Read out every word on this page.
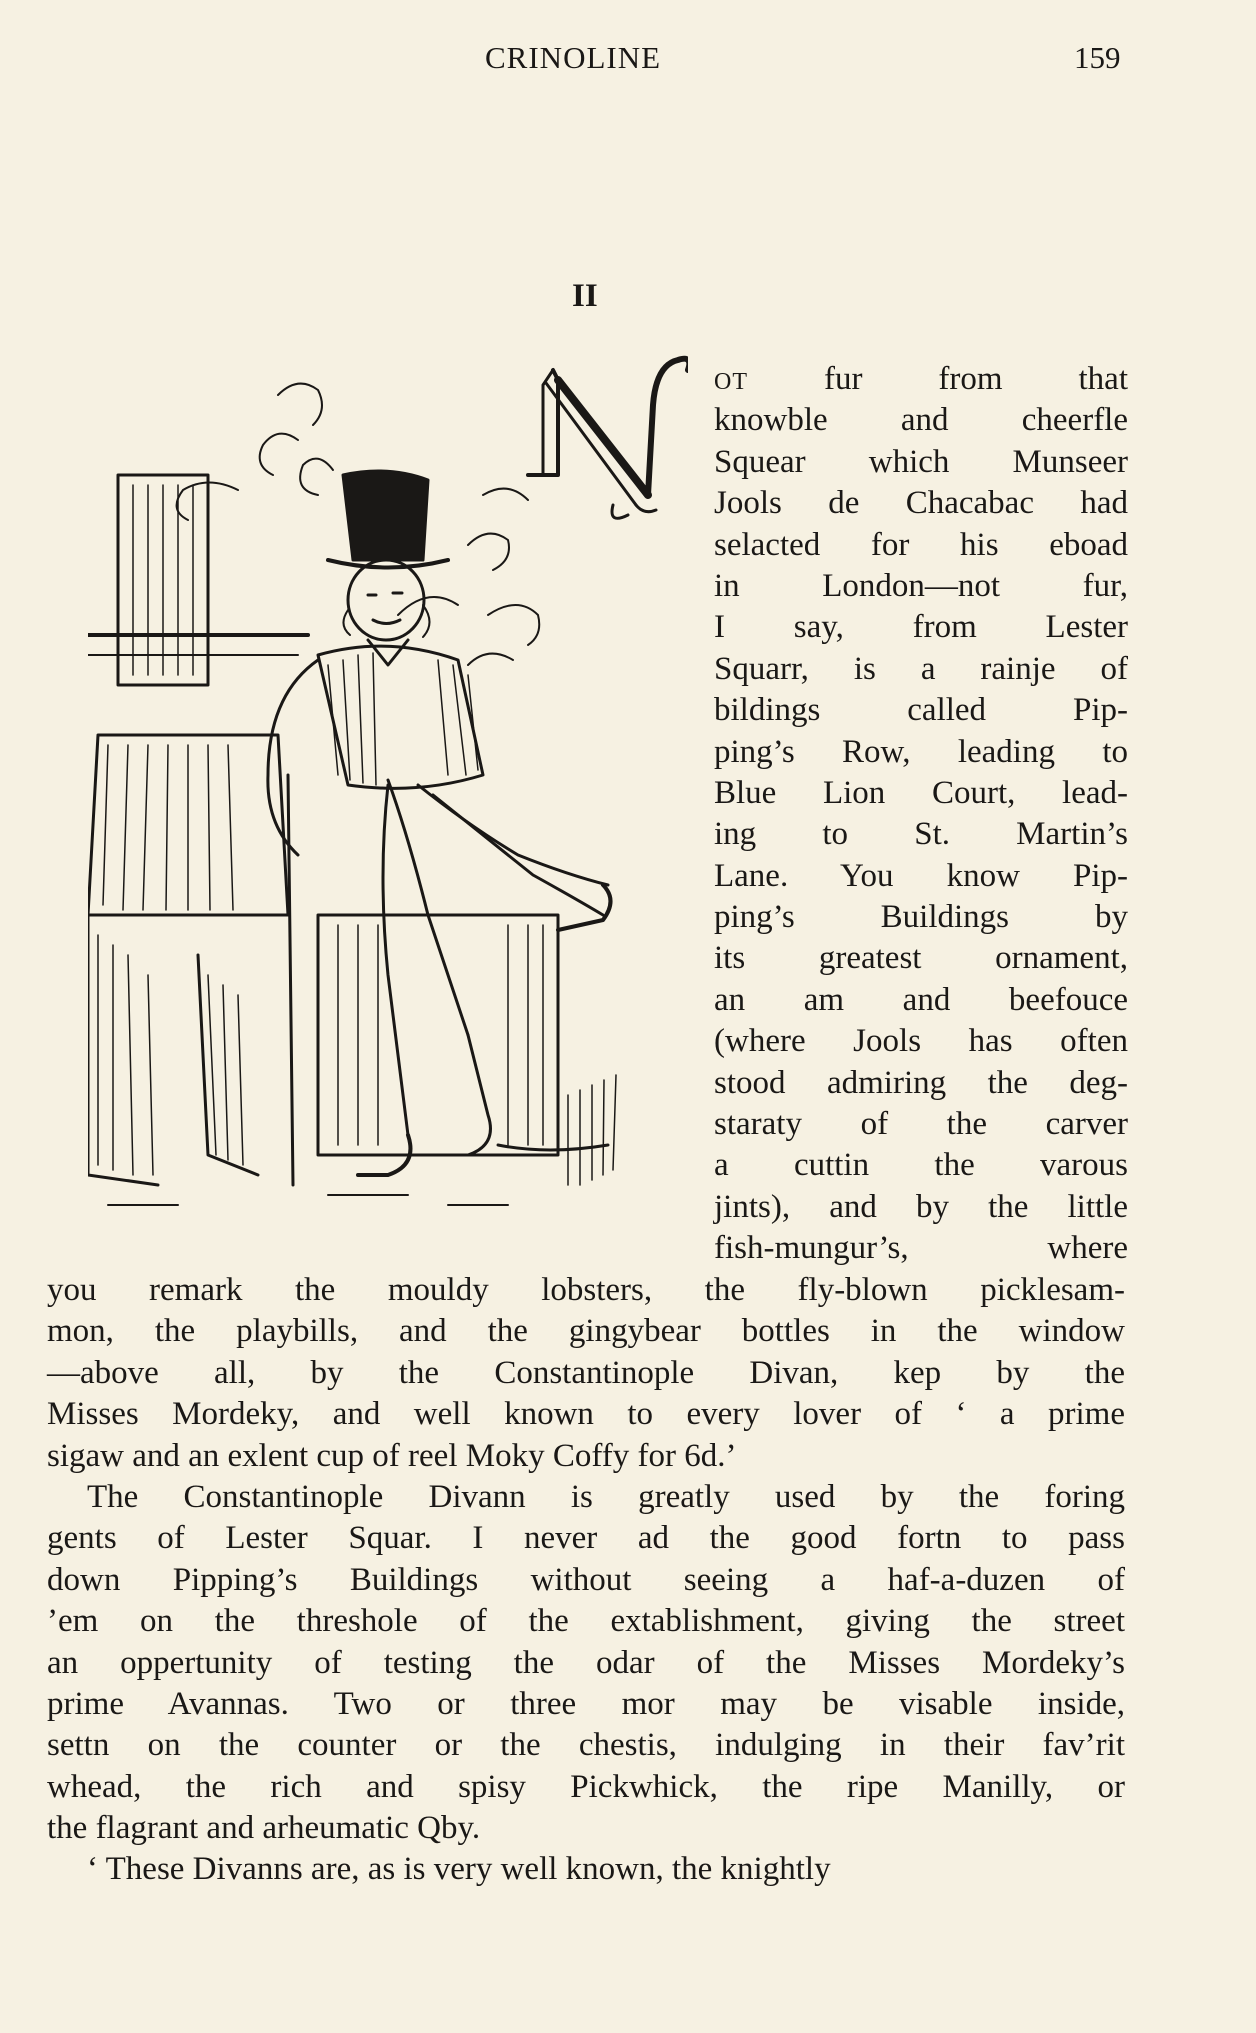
CRINOLINE	159
II
OT fur from that
knowble and cheerfle
Squear which Munseer
Jools de Chacabac had
selacted for his eboad
in London—not fur,
I say, from Lester
Squarr, is a rainje of
bildings called Pip-
ping’s Row, leading to
Blue Lion Court, lead-
ing to St. Martin’s
Lane. You know Pip-
ping’s Buildings by
its greatest ornament,
an am and beefouce
(where Jools has often
stood admiring the deg-
staraty of the carver
a cuttin the varous
jints), and by the little
fish-mungur’s, where
you remark the mouldy lobsters, the fly-blown picklesam-
mon, the playbills, and the gingybear bottles in the window
—above all, by the Constantinople Divan, kep by the
Misses Mordeky, and well known to every lover of ‘ a prime
sigaw and an exlent cup of reel Moky Coffy for 6d.’
The Constantinople Divann is greatly used by the foring
gents of Lester Squar. I never ad the good fortn to pass
down Pipping’s Buildings without seeing a haf-a-duzen of
’em on the threshole of the extablishment, giving the street
an oppertunity of testing the odar of the Misses Mordeky’s
prime Avannas. Two or three mor may be visable inside,
settn on the counter or the chestis, indulging in their fav’rit
whead, the rich and spisy Pickwhick, the ripe Manilly, or
the flagrant and arheumatic Qby.
‘ These Divanns are, as is very well known, the knightly
